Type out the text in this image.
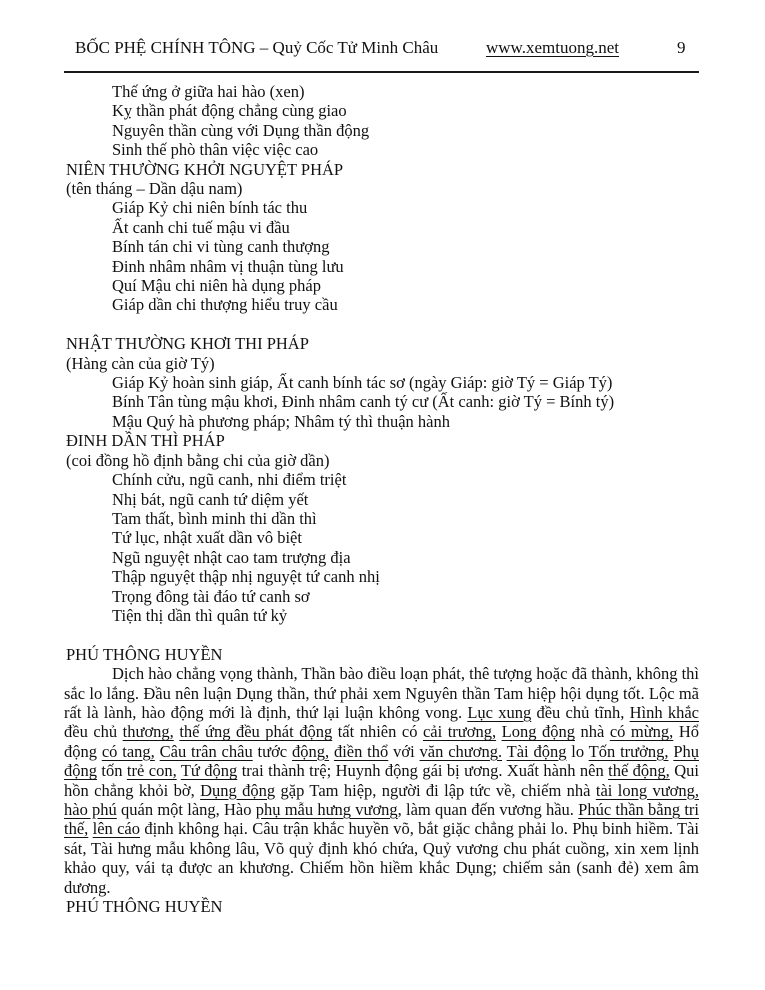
BỐC PHỆ CHÍNH TÔNG – Quỷ Cốc Tử Minh Châu	www.xemtuong.net	9
Thế ứng ở giữa hai hào (xen)
Kỵ thần phát động chẳng cùng giao
Nguyên thần cùng với Dụng thần động
Sinh thế phò thân việc việc cao
NIÊN THƯỜNG KHỞI NGUYỆT PHÁP
(tên tháng – Dần dậu nam)
Giáp Kỷ chi niên bính tác thu
Ất canh chi tuế mậu vi đầu
Bính tán chi vi tùng canh thượng
Đinh nhâm nhâm vị thuận tùng lưu
Quí Mậu chi niên hà dụng pháp
Giáp dần chi thượng hiểu truy cầu
NHẬT THƯỜNG KHƠI THI PHÁP
(Hàng càn của giờ Tý)
Giáp Kỷ hoàn sinh giáp, Ất canh bính tác sơ (ngày Giáp: giờ Tý = Giáp Tý)
Bính Tân tùng mậu khơi, Đinh nhâm canh tý cư (Ất canh: giờ Tý = Bính tý)
Mậu Quý hà phương pháp; Nhâm tý thì thuận hành
ĐINH DẦN THÌ PHÁP
(coi đồng hồ định bằng chi của giờ dần)
Chính cửu, ngũ canh, nhi điểm triệt
Nhị bát, ngũ canh tứ diệm yết
Tam thất, bình minh thi dần thì
Tứ lục, nhật xuất dần vô biệt
Ngũ nguyệt nhật cao tam trượng địa
Thập nguyệt thập nhị nguyệt tứ canh nhị
Trọng đông tài đáo tứ canh sơ
Tiện thị dần thì quân tứ kỷ
PHÚ THÔNG HUYỀN

Dịch hào chẳng vọng thành, Thần bào điều loạn phát, thê tượng hoặc đã thành, không thì sắc lo lắng. Đầu nên luận Dụng thần, thứ phải xem Nguyên thần Tam hiệp hội dụng tốt. Lộc mã rất là lành, hào động mới là định, thứ lại luận không vong. Lục xung đều chủ tĩnh, Hình khắc đều chủ thương, thế ứng đều phát động tất nhiên có cải trương, Long động nhà có mừng, Hổ động có tang, Câu trân châu tước động, điền thổ với văn chương. Tài động lo Tốn trưởng, Phụ động tốn trẻ con, Tứ động trai thành trệ; Huynh động gái bị ương. Xuất hành nên thế động, Qui hồn chẳng khỏi bờ, Dụng động gặp Tam hiệp, người đi lập tức về, chiếm nhà tài long vương, hào phú quán một làng, Hào phụ mẫu hưng vương, làm quan đến vương hầu. Phúc thần bằng tri thế, lên cáo định không hại. Câu trận khắc huyền võ, bắt giặc chẳng phải lo. Phụ binh hiềm. Tài sát, Tài hưng mẫu không lâu, Võ quỷ định khó chứa, Quỷ vương chu phát cuồng, xin xem lịnh khảo quy, vái tạ được an khương. Chiếm hồn hiềm khắc Dụng; chiếm sản (sanh đẻ) xem âm dương.

PHÚ THÔNG HUYỀN
